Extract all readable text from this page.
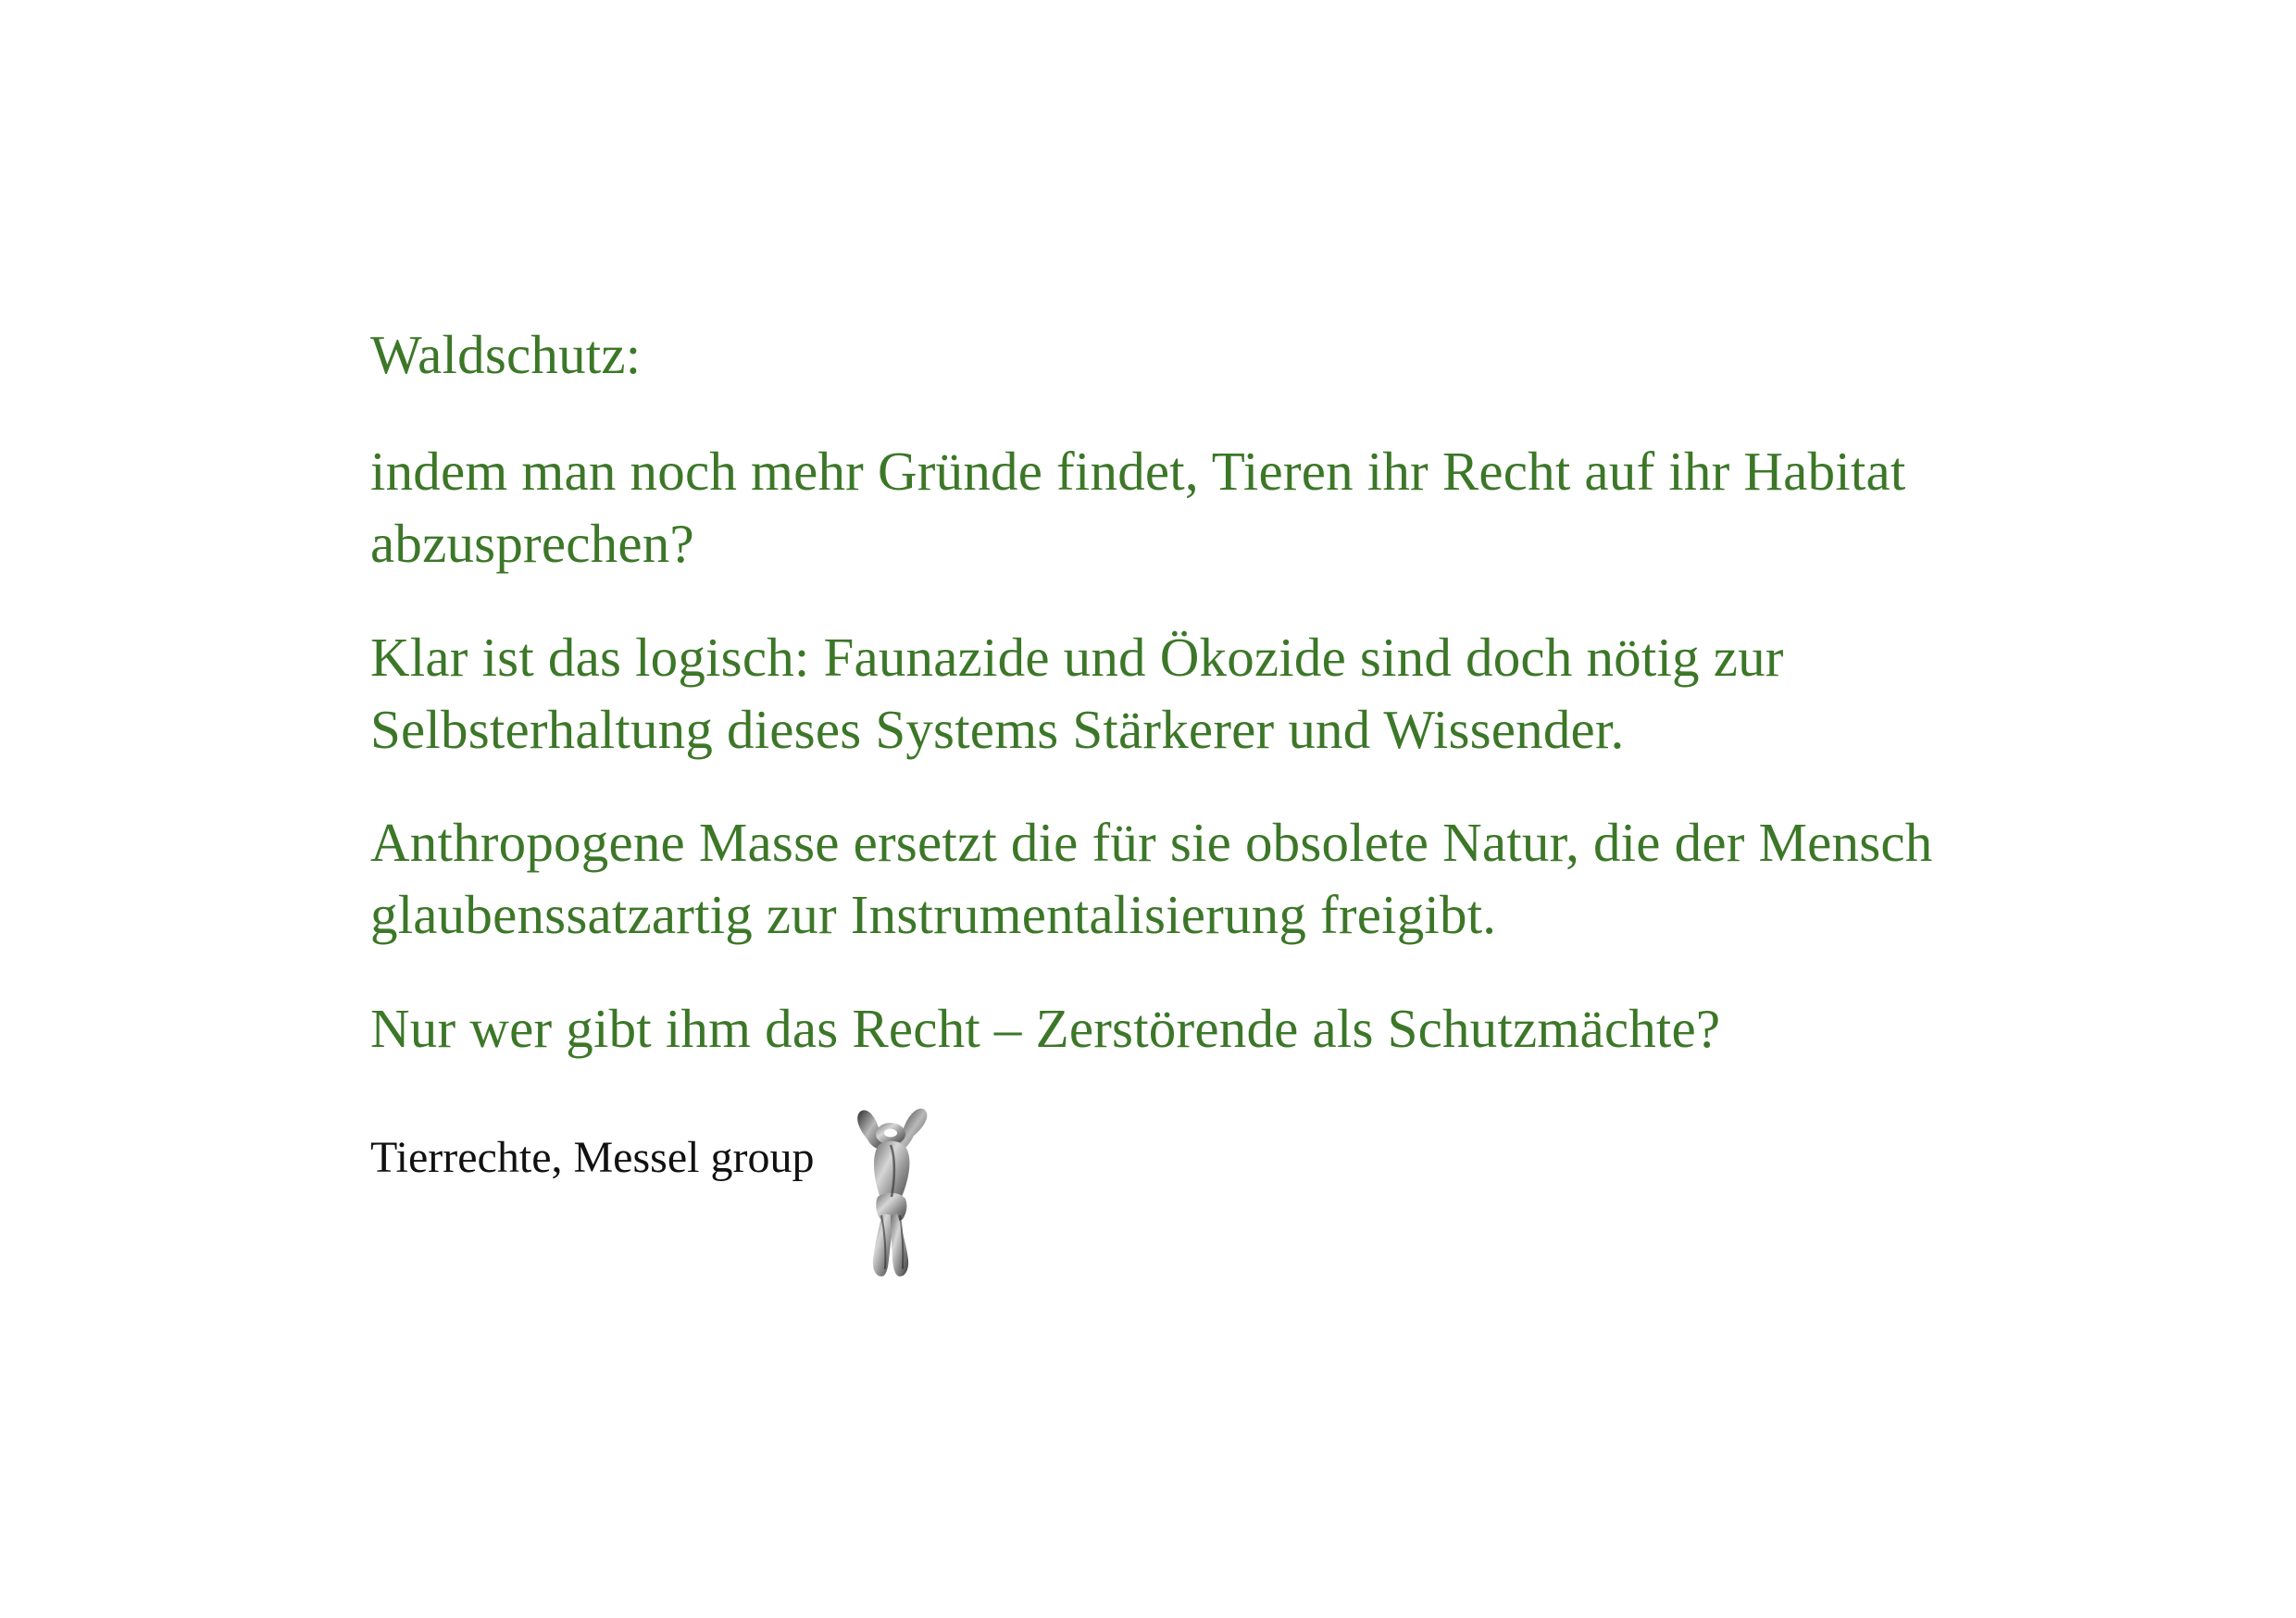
Waldschutz:

indem man noch mehr Gründe findet, Tieren ihr Recht auf ihr Habitat abzusprechen?

Klar ist das logisch: Faunazide und Ökozide sind doch nötig zur Selbsterhaltung dieses Systems Stärkerer und Wissender.

Anthropogene Masse ersetzt die für sie obsolete Natur, die der Mensch glaubenssatzartig zur Instrumentalisierung freigibt.

Nur wer gibt ihm das Recht – Zerstörende als Schutzmächte?

Tierrechte, Messel group
